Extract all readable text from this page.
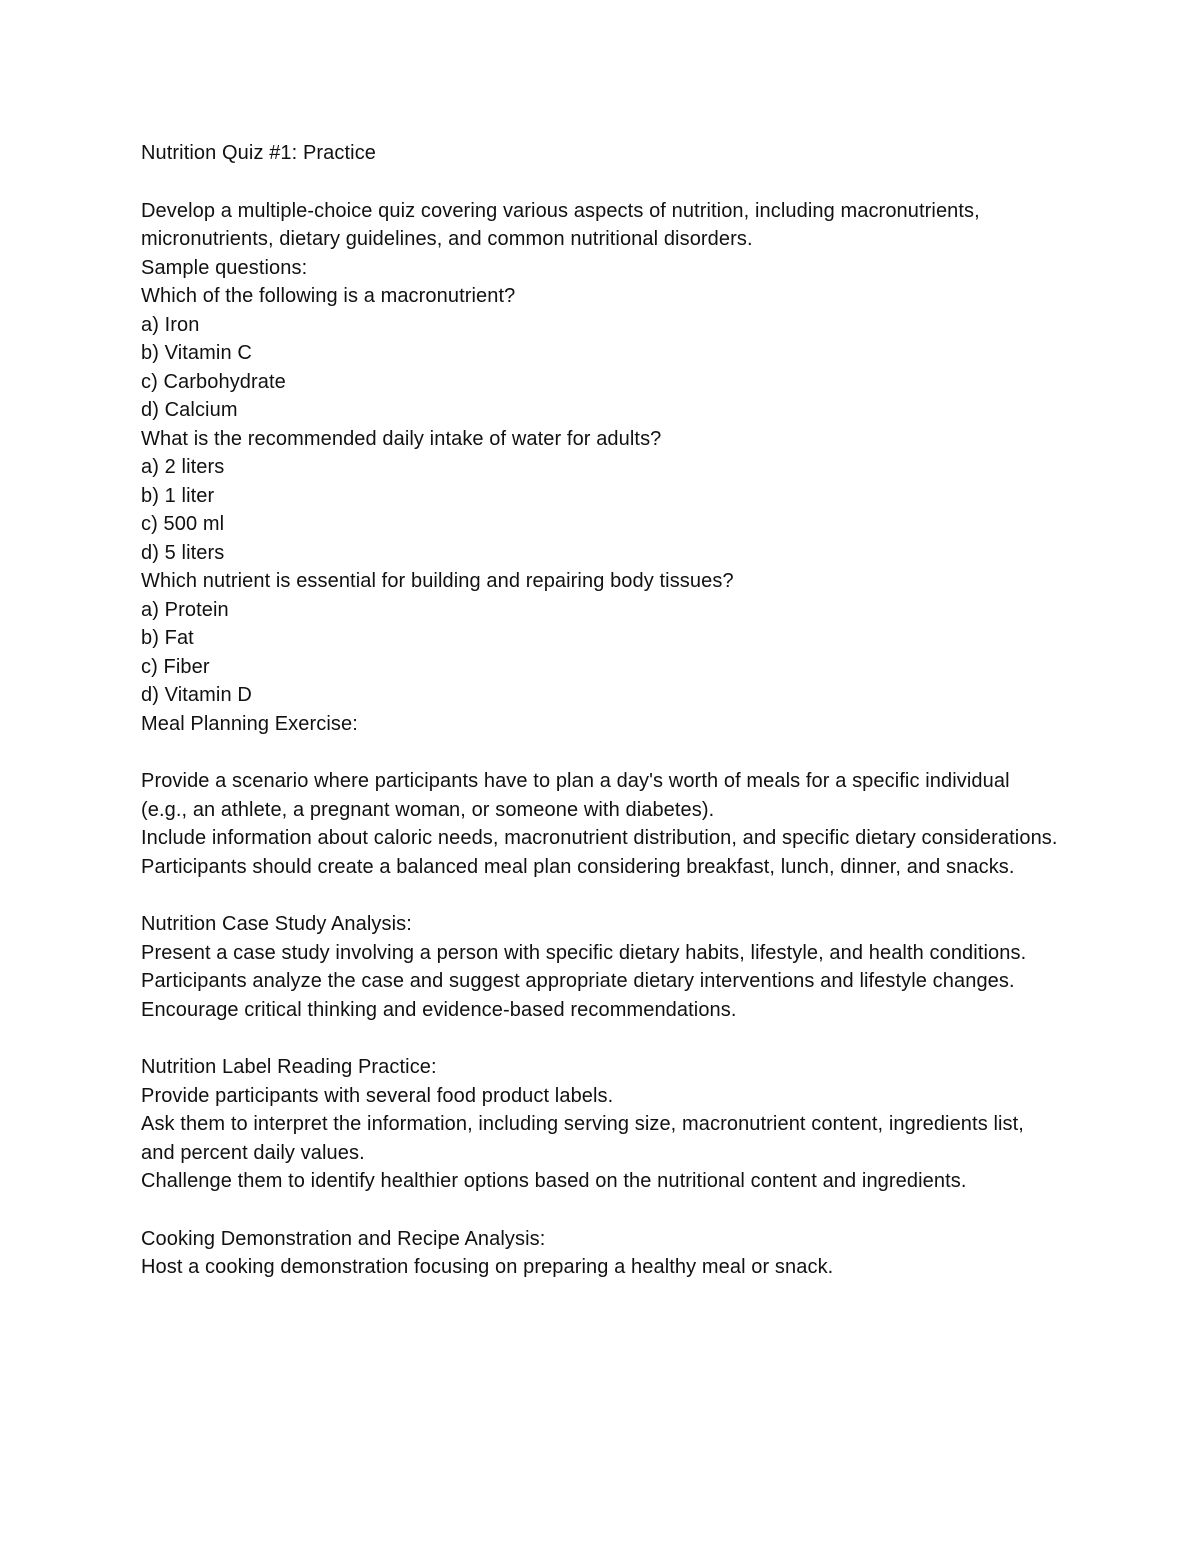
Nutrition Quiz #1: Practice
Develop a multiple-choice quiz covering various aspects of nutrition, including macronutrients, micronutrients, dietary guidelines, and common nutritional disorders.
Sample questions:
Which of the following is a macronutrient?
a) Iron
b) Vitamin C
c) Carbohydrate
d) Calcium
What is the recommended daily intake of water for adults?
a) 2 liters
b) 1 liter
c) 500 ml
d) 5 liters
Which nutrient is essential for building and repairing body tissues?
a) Protein
b) Fat
c) Fiber
d) Vitamin D
Meal Planning Exercise:
Provide a scenario where participants have to plan a day's worth of meals for a specific individual (e.g., an athlete, a pregnant woman, or someone with diabetes).
Include information about caloric needs, macronutrient distribution, and specific dietary considerations.
Participants should create a balanced meal plan considering breakfast, lunch, dinner, and snacks.
Nutrition Case Study Analysis:
Present a case study involving a person with specific dietary habits, lifestyle, and health conditions.
Participants analyze the case and suggest appropriate dietary interventions and lifestyle changes.
Encourage critical thinking and evidence-based recommendations.
Nutrition Label Reading Practice:
Provide participants with several food product labels.
Ask them to interpret the information, including serving size, macronutrient content, ingredients list, and percent daily values.
Challenge them to identify healthier options based on the nutritional content and ingredients.
Cooking Demonstration and Recipe Analysis:
Host a cooking demonstration focusing on preparing a healthy meal or snack.
